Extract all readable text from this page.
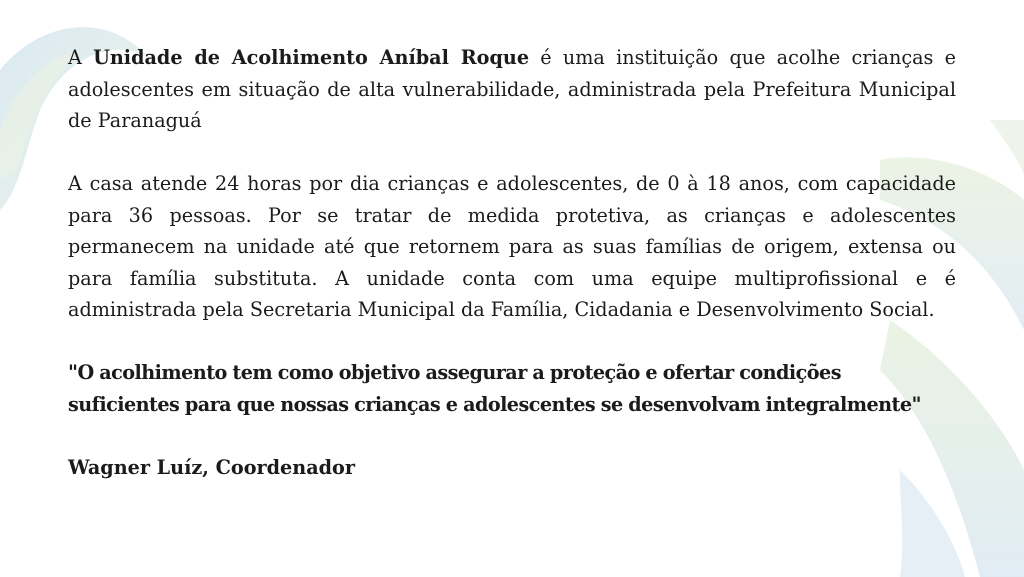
A Unidade de Acolhimento Aníbal Roque é uma instituição que acolhe crianças e adolescentes em situação de alta vulnerabilidade, administrada pela Prefeitura Municipal de Paranaguá

A casa atende 24 horas por dia crianças e adolescentes, de 0 à 18 anos, com capacidade para 36 pessoas. Por se tratar de medida protetiva, as crianças e adolescentes permanecem na unidade até que retornem para as suas famílias de origem, extensa ou para família substituta. A unidade conta com uma equipe multiprofissional e é administrada pela Secretaria Municipal da Família, Cidadania e Desenvolvimento Social.

"O acolhimento tem como objetivo assegurar a proteção e ofertar condições suficientes para que nossas crianças e adolescentes se desenvolvam integralmente"

Wagner Luíz, Coordenador
